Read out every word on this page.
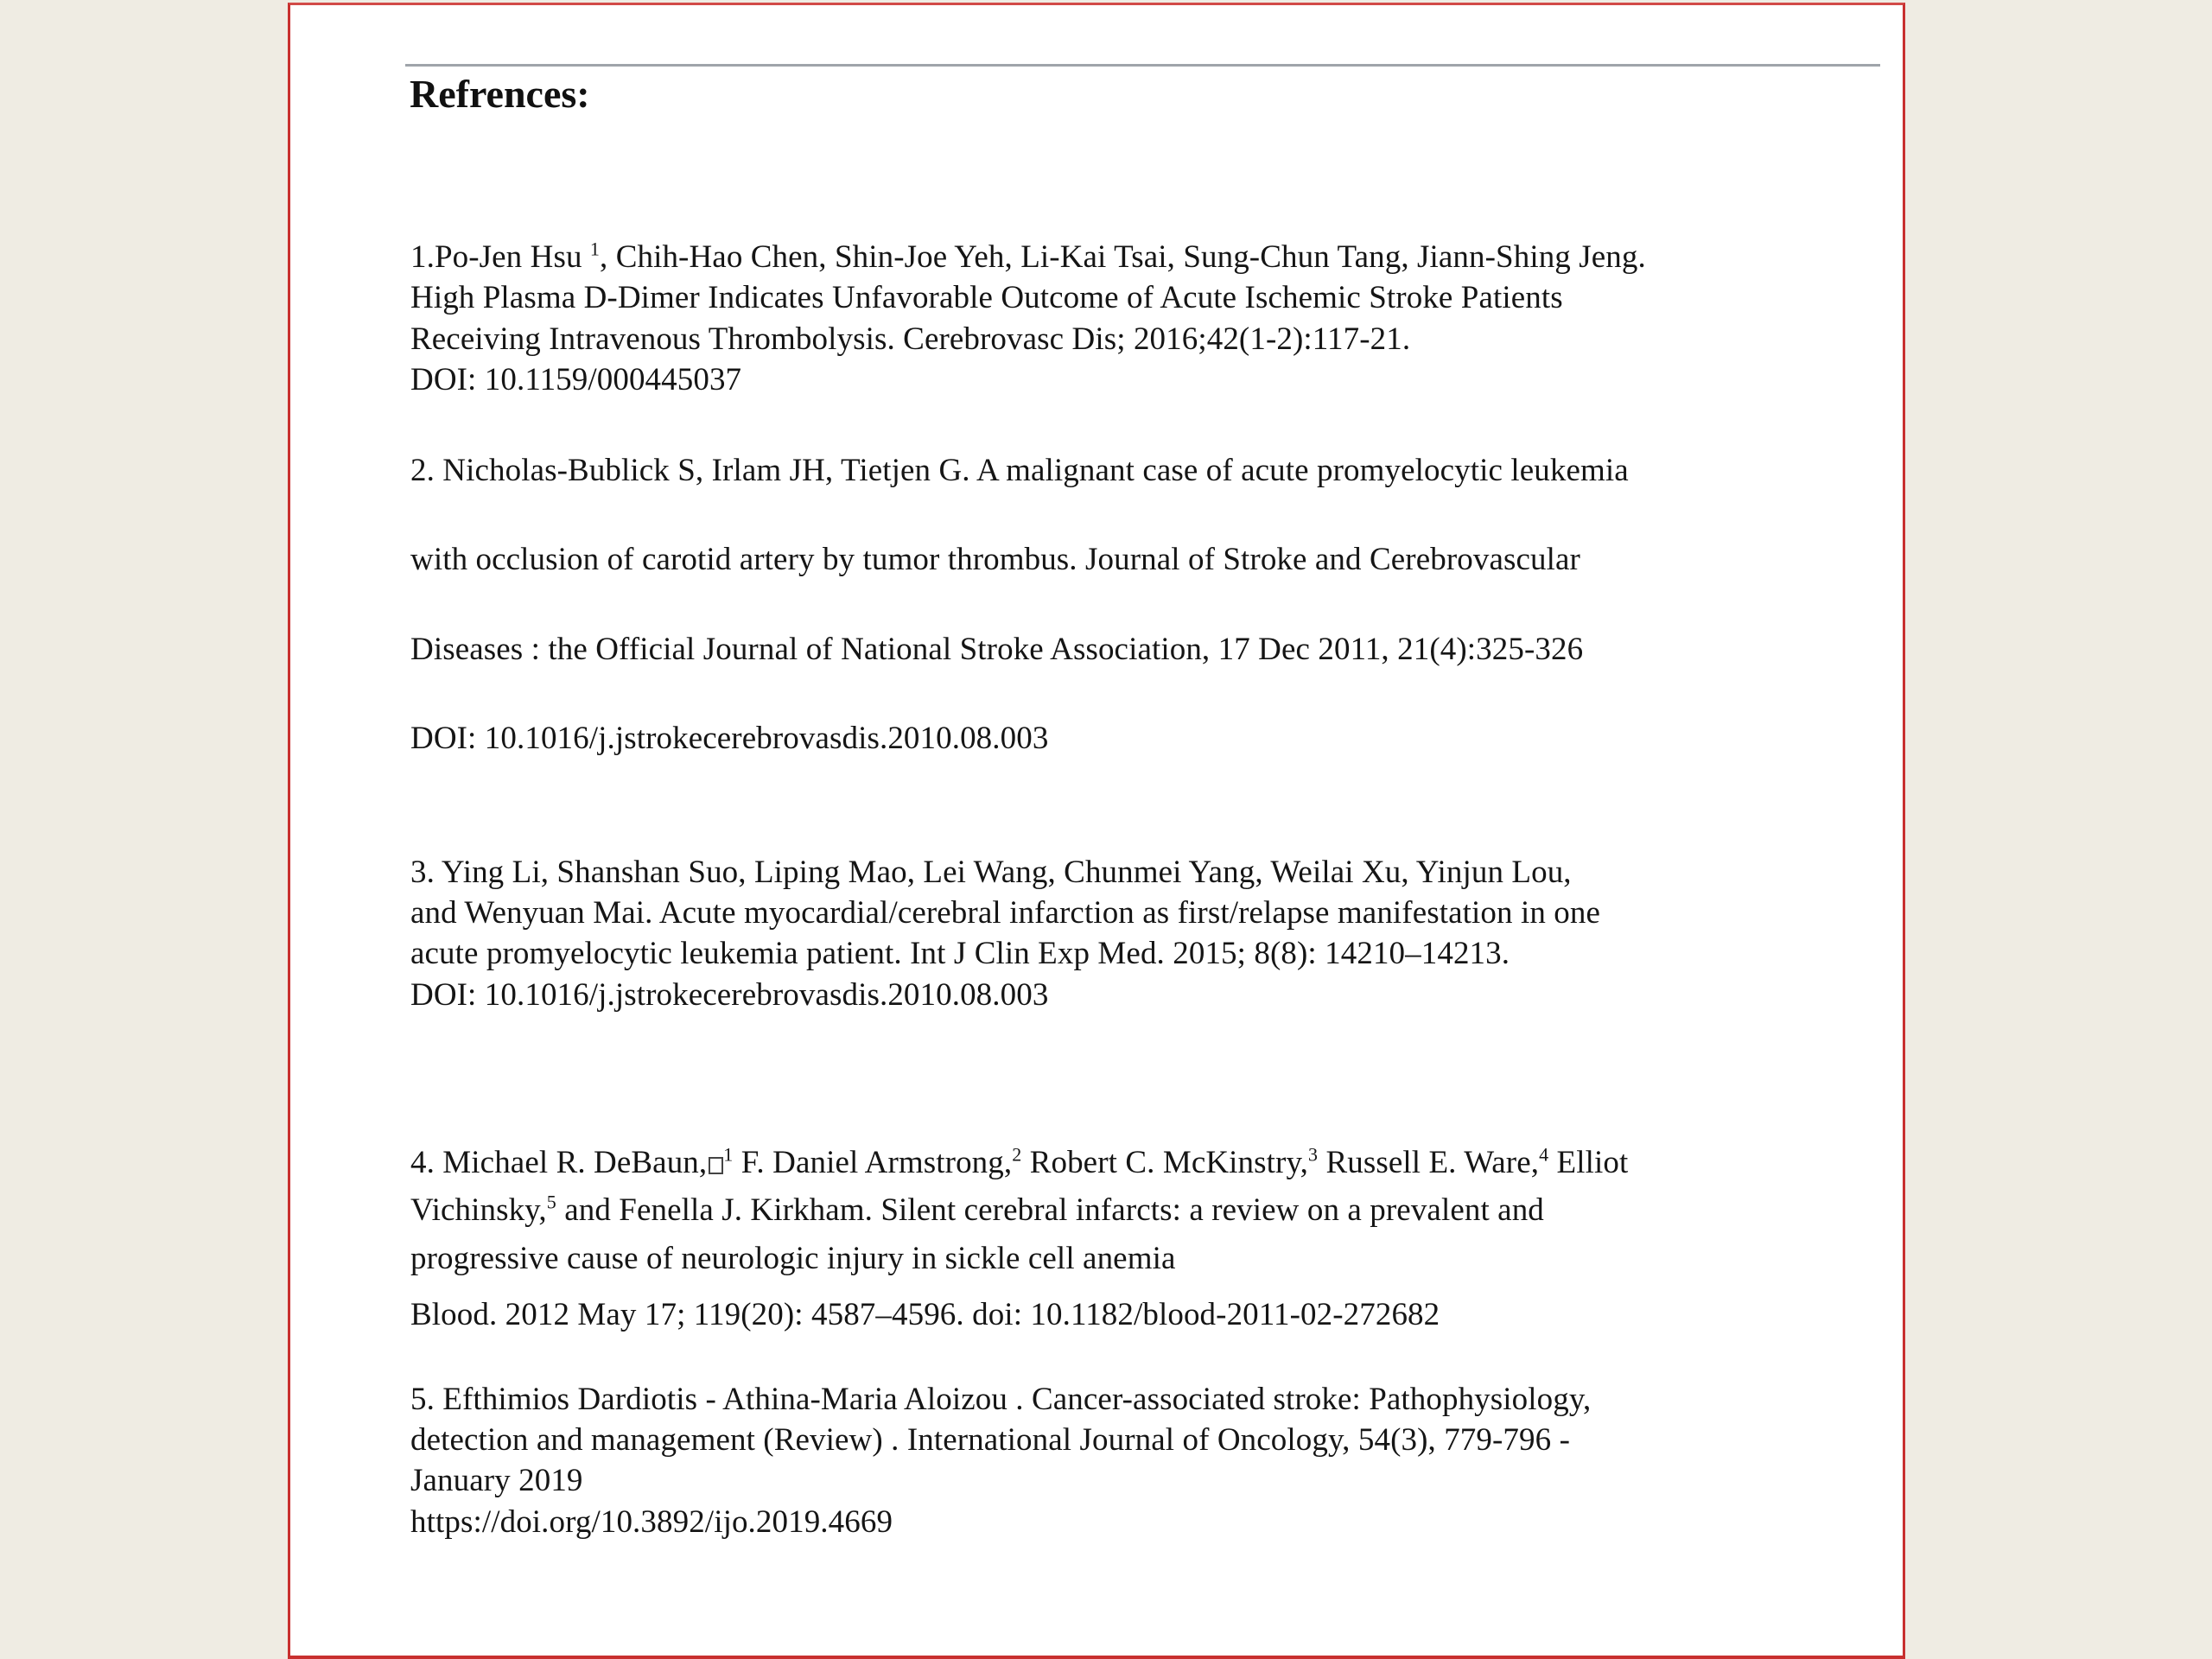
Refrences:
1.Po-Jen Hsu $^1$, Chih-Hao Chen, Shin-Joe Yeh, Li-Kai Tsai, Sung-Chun Tang, Jiann-Shing Jeng.
High Plasma D-Dimer Indicates Unfavorable Outcome of Acute Ischemic Stroke Patients
Receiving Intravenous Thrombolysis. Cerebrovasc Dis; 2016;42(1-2):117-21.
DOI: 10.1159/000445037
2. Nicholas-Bublick S, Irlam JH, Tietjen G. A malignant case of acute promyelocytic leukemia
with occlusion of carotid artery by tumor thrombus. Journal of Stroke and Cerebrovascular
Diseases : the Official Journal of National Stroke Association, 17 Dec 2011, 21(4):325-326
DOI: 10.1016/j.jstrokecerebrovasdis.2010.08.003
3. Ying Li, Shanshan Suo, Liping Mao, Lei Wang, Chunmei Yang, Weilai Xu, Yinjun Lou,
and Wenyuan Mai. Acute myocardial/cerebral infarction as first/relapse manifestation in one
acute promyelocytic leukemia patient. Int J Clin Exp Med. 2015; 8(8): 14210–14213.
DOI: 10.1016/j.jstrokecerebrovasdis.2010.08.003
4. Michael R. DeBaun, $^1$ F. Daniel Armstrong,$^2$ Robert C. McKinstry,$^3$ Russell E. Ware,$^4$ Elliot
Vichinsky,$^5$ and Fenella J. Kirkham. Silent cerebral infarcts: a review on a prevalent and
progressive cause of neurologic injury in sickle cell anemia
Blood. 2012 May 17; 119(20): 4587–4596. doi: 10.1182/blood-2011-02-272682
5. Efthimios Dardiotis - Athina-Maria Aloizou . Cancer-associated stroke: Pathophysiology,
detection and management (Review) . International Journal of Oncology, 54(3), 779-796 -
January 2019
https://doi.org/10.3892/ijo.2019.4669
